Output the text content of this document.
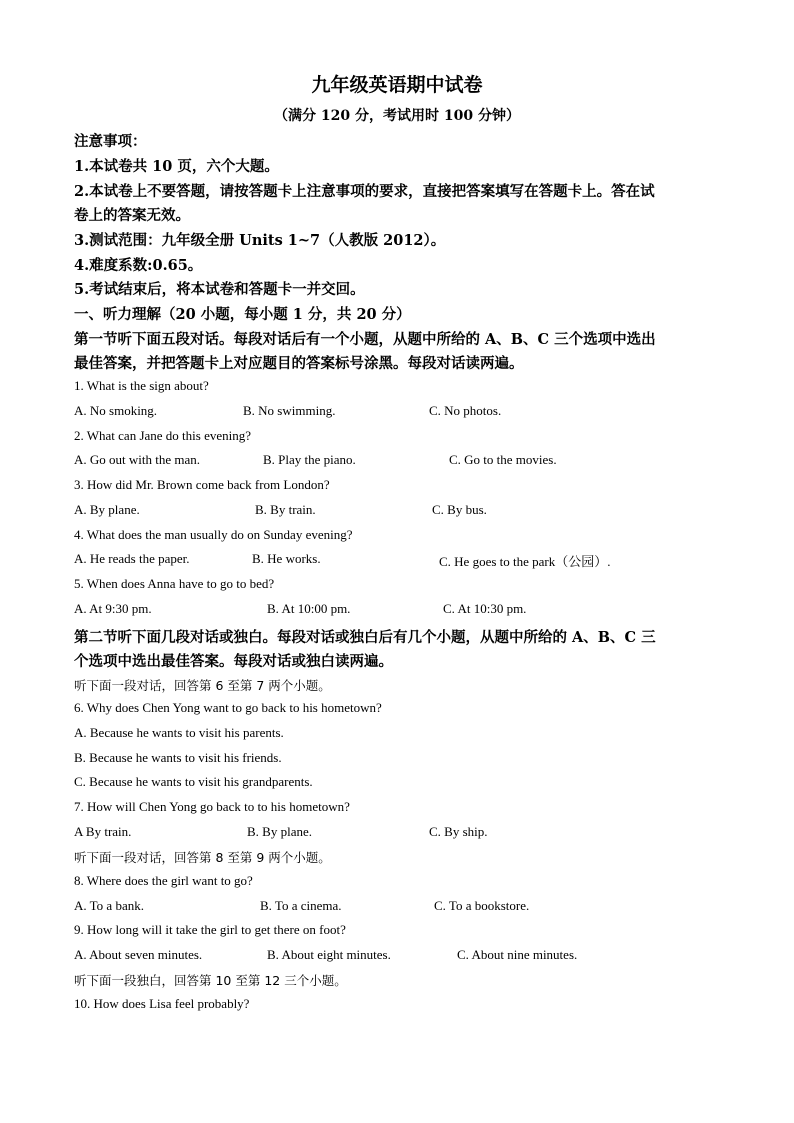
九年级英语期中试卷
（满分 120 分，考试用时 100 分钟）
注意事项：
1.本试卷共 10 页，六个大题。
2.本试卷上不要答题，请按答题卡上注意事项的要求，直接把答案填写在答题卡上。答在试
卷上的答案无效。
3.测试范围：九年级全册 Units 1~7（人教版 2012）。
4.难度系数:0.65。
5.考试结束后，将本试卷和答题卡一并交回。
一、听力理解（20 小题，每小题 1 分，共 20 分）
第一节听下面五段对话。每段对话后有一个小题，从题中所给的 A、B、C 三个选项中选出
最佳答案，并把答题卡上对应题目的答案标号涂黑。每段对话读两遍。
1. What is the sign about?
A. No smoking.	B. No swimming.	C. No photos.
2. What can Jane do this evening?
A. Go out with the man.	B. Play the piano.	C. Go to the movies.
3. How did Mr. Brown come back from London?
A. By plane.	B. By train.	C. By bus.
4. What does the man usually do on Sunday evening?
A. He reads the paper.	B. He works.	C. He goes to the park（公园）.
5. When does Anna have to go to bed?
A. At 9:30 pm.	B. At 10:00 pm.	C. At 10:30 pm.
第二节听下面几段对话或独白。每段对话或独白后有几个小题，从题中所给的 A、B、C 三
个选项中选出最佳答案。每段对话或独白读两遍。
听下面一段对话，回答第 6 至第 7 两个小题。
6. Why does Chen Yong want to go back to his hometown?
A. Because he wants to visit his parents.
B. Because he wants to visit his friends.
C. Because he wants to visit his grandparents.
7. How will Chen Yong go back to to his hometown?
A By train.	B. By plane.	C. By ship.
听下面一段对话，回答第 8 至第 9 两个小题。
8. Where does the girl want to go?
A. To a bank.	B. To a cinema.	C. To a bookstore.
9. How long will it take the girl to get there on foot?
A. About seven minutes.	B. About eight minutes.	C. About nine minutes.
听下面一段独白，回答第 10 至第 12 三个小题。
10. How does Lisa feel probably?
